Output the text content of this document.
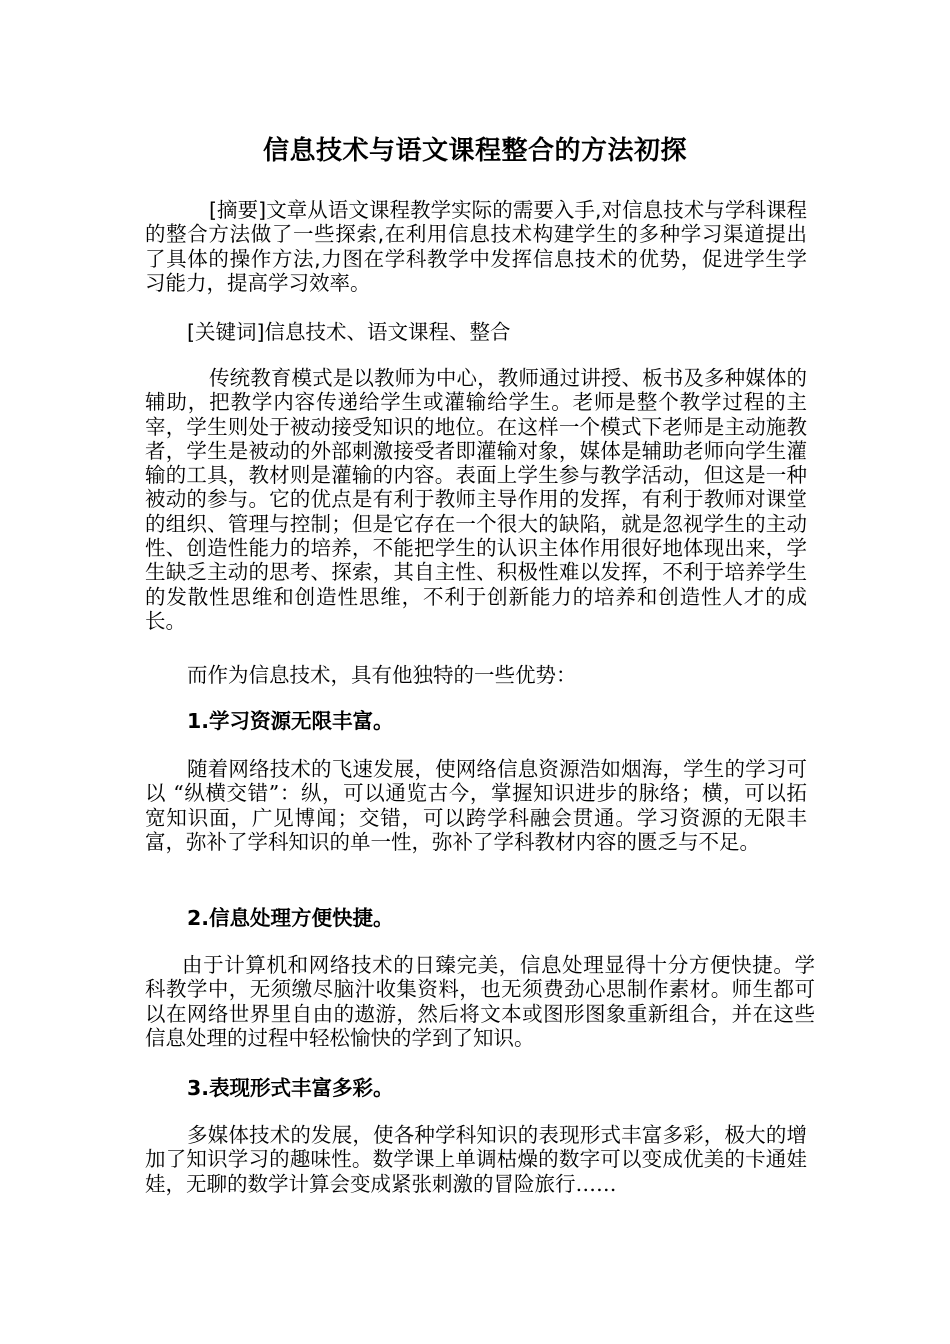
信息技术与语文课程整合的方法初探

[摘要]文章从语文课程教学实际的需要入手,对信息技术与学科课程的整合方法做了一些探索,在利用信息技术构建学生的多种学习渠道提出了具体的操作方法,力图在学科教学中发挥信息技术的优势，促进学生学习能力，提高学习效率。

[关键词]信息技术、语文课程、整合

传统教育模式是以教师为中心，教师通过讲授、板书及多种媒体的辅助，把教学内容传递给学生或灌输给学生。老师是整个教学过程的主宰，学生则处于被动接受知识的地位。在这样一个模式下老师是主动施教者，学生是被动的外部刺激接受者即灌输对象，媒体是辅助老师向学生灌输的工具，教材则是灌输的内容。表面上学生参与教学活动，但这是一种被动的参与。它的优点是有利于教师主导作用的发挥，有利于教师对课堂的组织、管理与控制；但是它存在一个很大的缺陷，就是忽视学生的主动性、创造性能力的培养，不能把学生的认识主体作用很好地体现出来，学生缺乏主动的思考、探索，其自主性、积极性难以发挥，不利于培养学生的发散性思维和创造性思维，不利于创新能力的培养和创造性人才的成长。

而作为信息技术，具有他独特的一些优势：

1.学习资源无限丰富。

随着网络技术的飞速发展，使网络信息资源浩如烟海，学生的学习可以 “纵横交错”：纵，可以通览古今，掌握知识进步的脉络；横，可以拓宽知识面，广见博闻；交错，可以跨学科融会贯通。学习资源的无限丰富，弥补了学科知识的单一性，弥补了学科教材内容的匮乏与不足。

2.信息处理方便快捷。

由于计算机和网络技术的日臻完美，信息处理显得十分方便快捷。学科教学中，无须缴尽脑汁收集资料，也无须费劲心思制作素材。师生都可以在网络世界里自由的遨游，然后将文本或图形图象重新组合，并在这些信息处理的过程中轻松愉快的学到了知识。

3.表现形式丰富多彩。

多媒体技术的发展，使各种学科知识的表现形式丰富多彩，极大的增加了知识学习的趣味性。数学课上单调枯燥的数字可以变成优美的卡通娃娃，无聊的数学计算会变成紧张刺激的冒险旅行……
